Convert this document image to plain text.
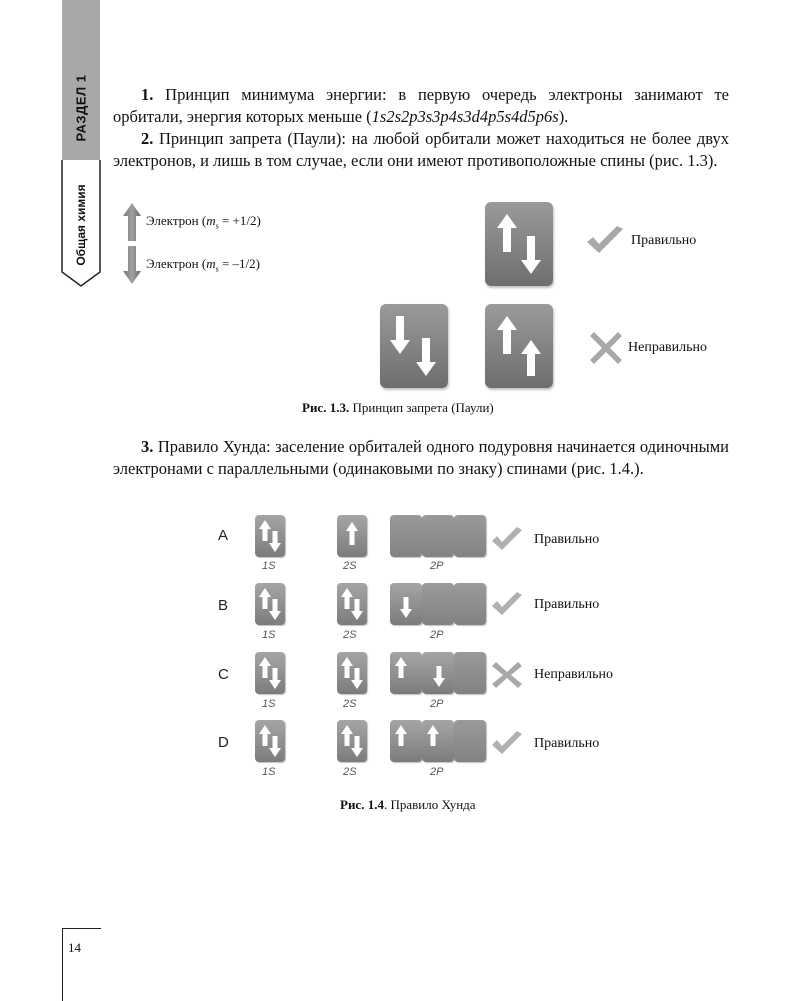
РАЗДЕЛ 1
Общая химия
1. Принцип минимума энергии: в первую очередь электроны занимают те орбитали, энергия которых меньше (1s2s2p3s3p4s3d4p5s4d5p6s).
2. Принцип запрета (Паули): на любой орбитали может находиться не более двух электронов, и лишь в том случае, если они имеют противоположные спины (рис. 1.3).
Электрон $(m_s = +1/2)$
Электрон $(m_s = -1/2)$
Правильно
Неправильно
Рис. 1.3. Принцип запрета (Паули)
3. Правило Хунда: заселение орбиталей одного подуровня начинается одиночными электронами с параллельными (одинаковыми по знаку) спинами (рис. 1.4.).
A
1S	2S	2P
Правильно
B
1S	2S	2P
Правильно
C
1S	2S	2P
Неправильно
D
1S	2S	2P
Правильно
Рис. 1.4. Правило Хунда
14
